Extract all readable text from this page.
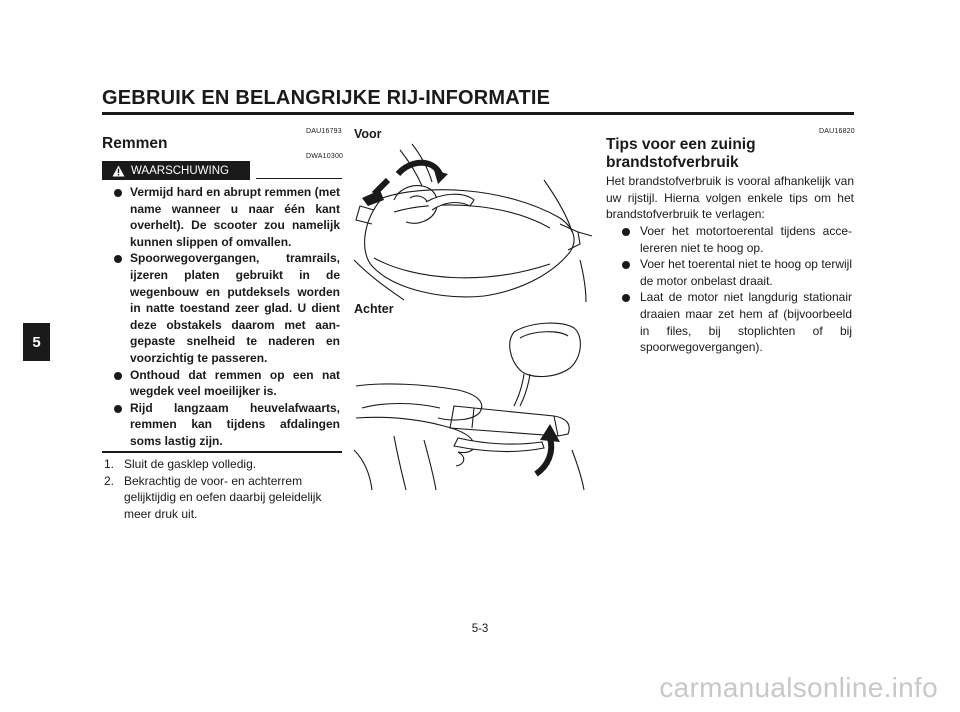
GEBRUIK EN BELANGRIJKE RIJ-INFORMATIE
5
DAU16793
Remmen
DWA10300
WAARSCHUWING
Vermijd hard en abrupt remmen (met name wanneer u naar één kant overhelt). De scooter zou namelijk kunnen slippen of omvallen.
Spoorwegovergangen, tramrails, ijzeren platen gebruikt in de wegenbouw en putdeksels worden in natte toestand zeer glad. U dient deze obstakels daarom met aangepaste snelheid te naderen en voorzichtig te passeren.
Onthoud dat remmen op een nat wegdek veel moeilijker is.
Rijd langzaam heuvelafwaarts, remmen kan tijdens afdalingen soms lastig zijn.
1. Sluit de gasklep volledig.
2. Bekrachtig de voor- en achterrem gelijktijdig en oefen daarbij geleidelijk meer druk uit.
Voor
Achter
DAU16820
Tips voor een zuinig brandstofverbruik

Het brandstofverbruik is vooral afhankelijk van uw rijstijl. Hierna volgen enkele tips om het brandstofverbruik te verlagen:

Voer het motortoerental tijdens accelereren niet te hoog op.
Voer het toerental niet te hoog op terwijl de motor onbelast draait.
Laat de motor niet langdurig stationair draaien maar zet hem af (bijvoorbeeld in files, bij stoplichten of bij spoorwegovergangen).
5-3
carmanualsonline.info
